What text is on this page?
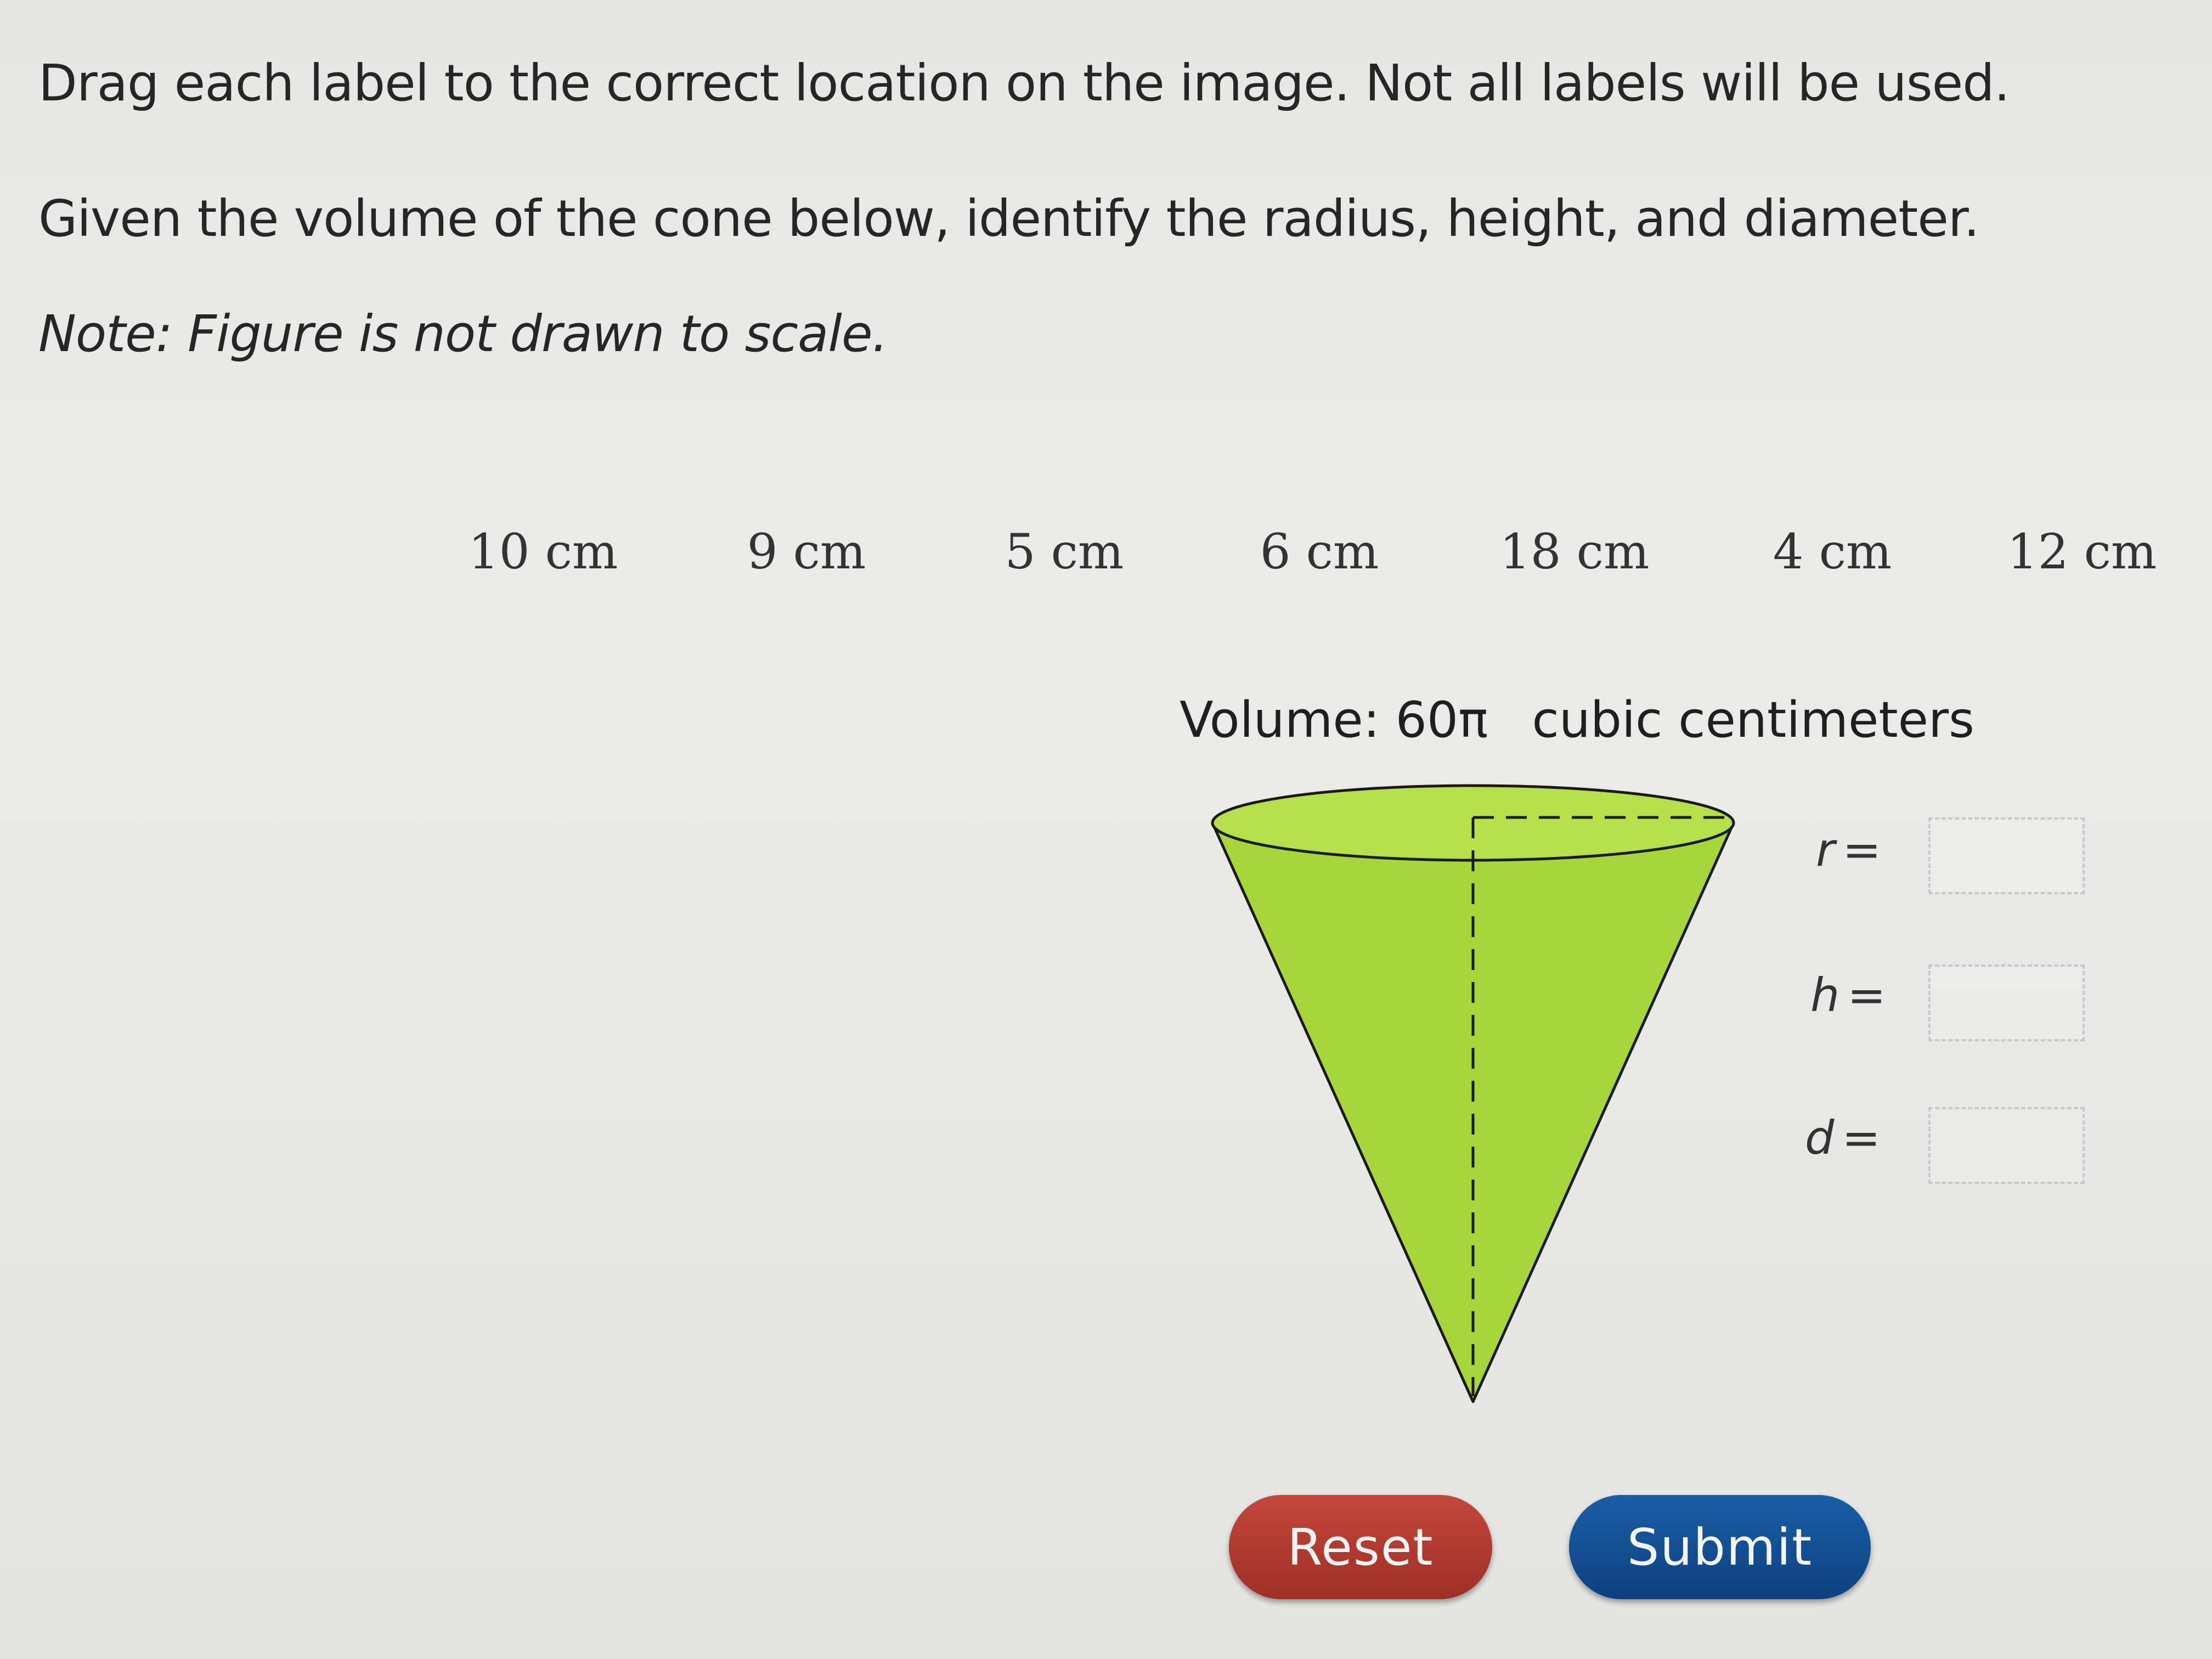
Drag each label to the correct location on the image. Not all labels will be used.
Given the volume of the cone below, identify the radius, height, and diameter.
Note: Figure is not drawn to scale.
10 cm	9 cm	5 cm	6 cm	18 cm	4 cm	12 cm
Volume: 60π cubic centimeters
r =
h =
d =
Reset	Submit
